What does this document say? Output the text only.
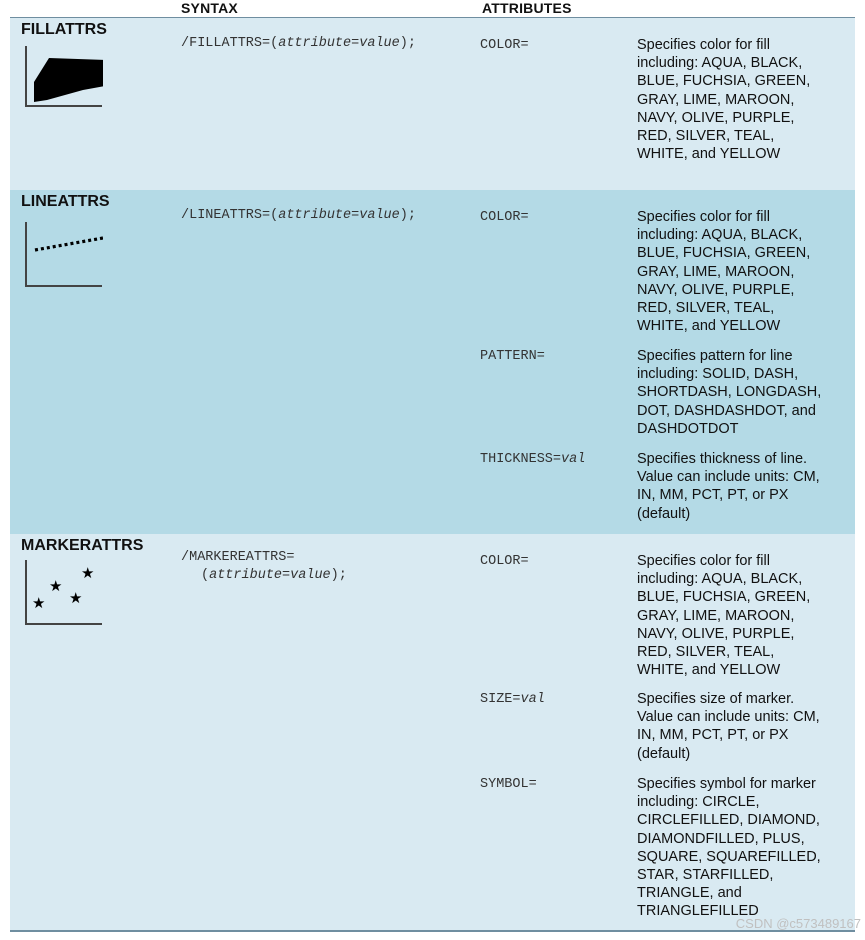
SYNTAX	ATTRIBUTES
FILLATTRS
/FILLATTRS=(attribute=value);	COLOR=	Specifies color for fill
including: AQUA, BLACK,
BLUE, FUCHSIA, GREEN,
GRAY, LIME, MAROON,
NAVY, OLIVE, PURPLE,
RED, SILVER, TEAL,
WHITE, and YELLOW
LINEATTRS
/LINEATTRS=(attribute=value);	COLOR=	Specifies color for fill
including: AQUA, BLACK,
BLUE, FUCHSIA, GREEN,
GRAY, LIME, MAROON,
NAVY, OLIVE, PURPLE,
RED, SILVER, TEAL,
WHITE, and YELLOW
PATTERN=	Specifies pattern for line
including: SOLID, DASH,
SHORTDASH, LONGDASH,
DOT, DASHDASHDOT, and
DASHDOTDOT
THICKNESS=val	Specifies thickness of line.
Value can include units: CM,
IN, MM, PCT, PT, or PX
(default)
MARKERATTRS
★
★
★
★
/MARKEREATTRS=
(attribute=value);
COLOR=	Specifies color for fill
including: AQUA, BLACK,
BLUE, FUCHSIA, GREEN,
GRAY, LIME, MAROON,
NAVY, OLIVE, PURPLE,
RED, SILVER, TEAL,
WHITE, and YELLOW
SIZE=val	Specifies size of marker.
Value can include units: CM,
IN, MM, PCT, PT, or PX
(default)
SYMBOL=	Specifies symbol for marker
including: CIRCLE,
CIRCLEFILLED, DIAMOND,
DIAMONDFILLED, PLUS,
SQUARE, SQUAREFILLED,
STAR, STARFILLED,
TRIANGLE, and
TRIANGLEFILLED
CSDN @c573489167
